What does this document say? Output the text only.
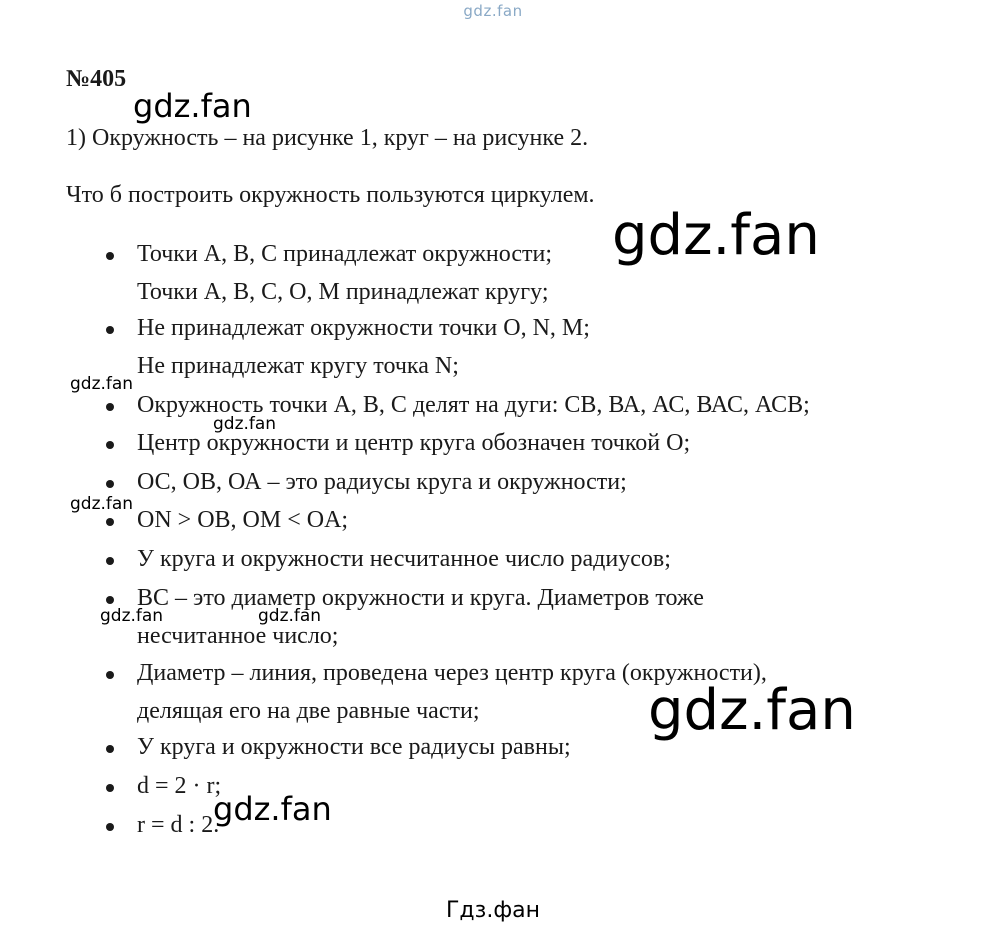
gdz.fan
№405
1) Окружность – на рисунке 1, круг – на рисунке 2.
Что б построить окружность пользуются циркулем.
Точки А, В, С принадлежат окружности;
Точки А, В, С, О, М принадлежат кругу;
Не принадлежат окружности точки О, N, M;
Не принадлежат кругу точка N;
Окружность точки А, В, С делят на дуги: СВ, ВА, АС, ВАС, АСВ;
Центр окружности и центр круга обозначен точкой О;
ОС, ОВ, ОА – это радиусы круга и окружности;
ON > OB, OM < OA;
У круга и окружности несчитанное число радиусов;
ВС – это диаметр окружности и круга. Диаметров тоже
несчитанное число;
Диаметр – линия, проведена через центр круга (окружности),
делящая его на две равные части;
У круга и окружности все радиусы равны;
d = 2 · r;
r = d : 2.
gdz.fan
gdz.fan
gdz.fan
gdz.fan
gdz.fan
gdz.fan	gdz.fan
gdz.fan
gdz.fan
Гдз.фан
